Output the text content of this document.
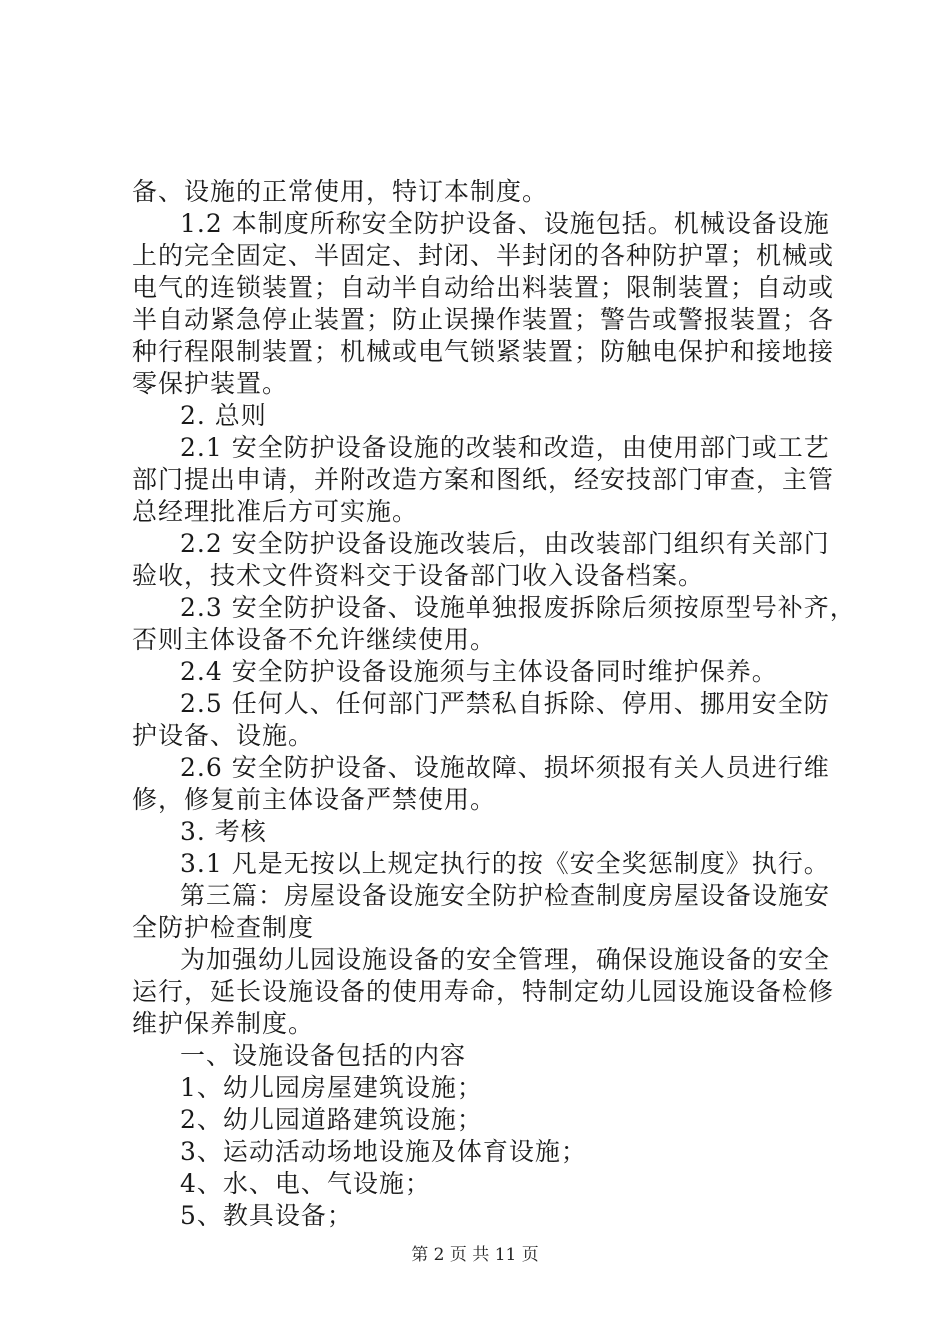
备、设施的正常使用，特订本制度。
1.2 本制度所称安全防护设备、设施包括。机械设备设施
上的完全固定、半固定、封闭、半封闭的各种防护罩；机械或
电气的连锁装置；自动半自动给出料装置；限制装置；自动或
半自动紧急停止装置；防止误操作装置；警告或警报装置；各
种行程限制装置；机械或电气锁紧装置；防触电保护和接地接
零保护装置。
2. 总则
2.1 安全防护设备设施的改装和改造，由使用部门或工艺
部门提出申请，并附改造方案和图纸，经安技部门审查，主管
总经理批准后方可实施。
2.2 安全防护设备设施改装后，由改装部门组织有关部门
验收，技术文件资料交于设备部门收入设备档案。
2.3 安全防护设备、设施单独报废拆除后须按原型号补齐，
否则主体设备不允许继续使用。
2.4 安全防护设备设施须与主体设备同时维护保养。
2.5 任何人、任何部门严禁私自拆除、停用、挪用安全防
护设备、设施。
2.6 安全防护设备、设施故障、损坏须报有关人员进行维
修，修复前主体设备严禁使用。
3. 考核
3.1 凡是无按以上规定执行的按《安全奖惩制度》执行。
第三篇：房屋设备设施安全防护检查制度房屋设备设施安
全防护检查制度
为加强幼儿园设施设备的安全管理，确保设施设备的安全
运行，延长设施设备的使用寿命，特制定幼儿园设施设备检修
维护保养制度。
一、设施设备包括的内容
1、幼儿园房屋建筑设施；
2、幼儿园道路建筑设施；
3、运动活动场地设施及体育设施；
4、水、电、气设施；
5、教具设备；
第 2 页 共 11 页
